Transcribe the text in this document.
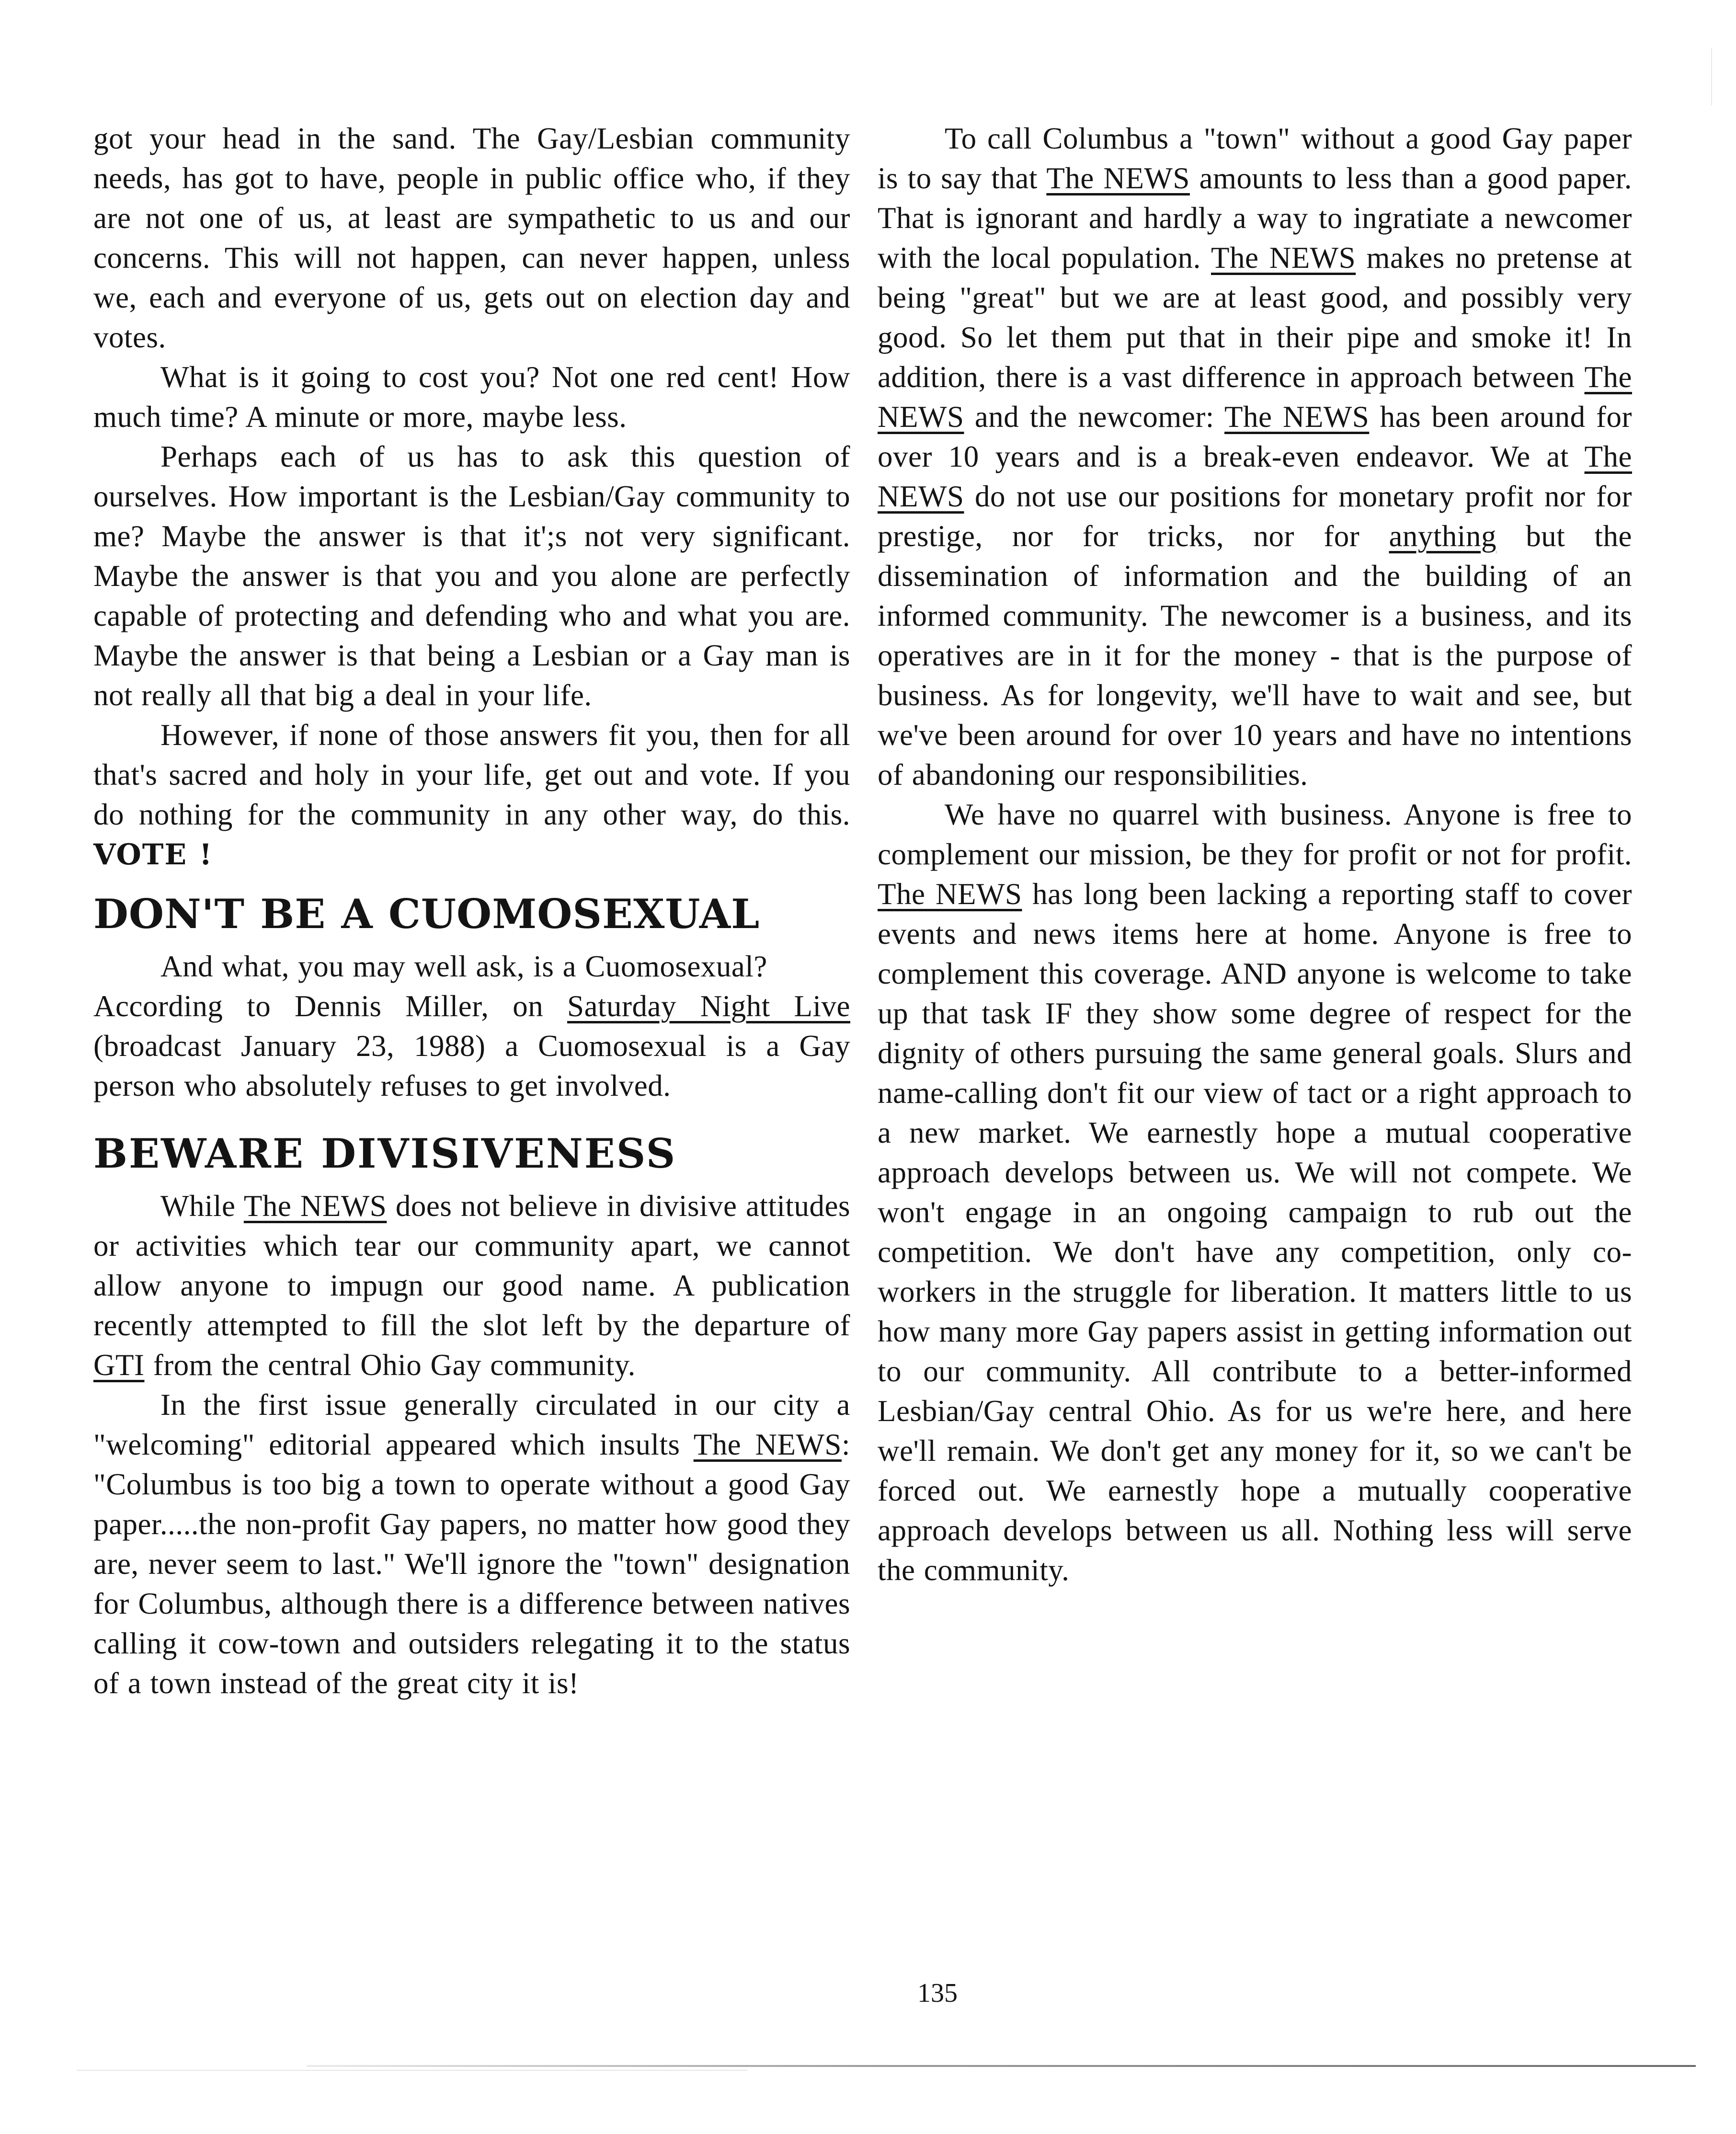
got your head in the sand. The Gay/Lesbian community needs, has got to have, people in public office who, if they are not one of us, at least are sympathetic to us and our concerns. This will not happen, can never happen, unless we, each and everyone of us, gets out on election day and votes.

What is it going to cost you? Not one red cent! How much time? A minute or more, maybe less.

Perhaps each of us has to ask this question of ourselves. How important is the Lesbian/Gay community to me? Maybe the answer is that it';s not very significant. Maybe the answer is that you and you alone are perfectly capable of protecting and defending who and what you are. Maybe the answer is that being a Lesbian or a Gay man is not really all that big a deal in your life.

However, if none of those answers fit you, then for all that's sacred and holy in your life, get out and vote. If you do nothing for the community in any other way, do this. VOTE !

DON'T BE A CUOMOSEXUAL

And what, you may well ask, is a Cuomosexual?

According to Dennis Miller, on Saturday Night Live (broadcast January 23, 1988) a Cuomosexual is a Gay person who absolutely refuses to get involved.

BEWARE DIVISIVENESS

While The NEWS does not believe in divisive attitudes or activities which tear our community apart, we cannot allow anyone to impugn our good name. A publication recently attempted to fill the slot left by the departure of GTI from the central Ohio Gay community.

In the first issue generally circulated in our city a "welcoming" editorial appeared which insults The NEWS: "Columbus is too big a town to operate without a good Gay paper.....the non-profit Gay papers, no matter how good they are, never seem to last." We'll ignore the "town" designation for Columbus, although there is a difference between natives calling it cow-town and outsiders relegating it to the status of a town instead of the great city it is!

To call Columbus a "town" without a good Gay paper is to say that The NEWS amounts to less than a good paper. That is ignorant and hardly a way to ingratiate a newcomer with the local population. The NEWS makes no pretense at being "great" but we are at least good, and possibly very good. So let them put that in their pipe and smoke it! In addition, there is a vast difference in approach between The NEWS and the newcomer: The NEWS has been around for over 10 years and is a break-even endeavor. We at The NEWS do not use our positions for monetary profit nor for prestige, nor for tricks, nor for anything but the dissemination of information and the building of an informed community. The newcomer is a business, and its operatives are in it for the money - that is the purpose of business. As for longevity, we'll have to wait and see, but we've been around for over 10 years and have no intentions of abandoning our responsibilities.

We have no quarrel with business. Anyone is free to complement our mission, be they for profit or not for profit. The NEWS has long been lacking a reporting staff to cover events and news items here at home. Anyone is free to complement this coverage. AND anyone is welcome to take up that task IF they show some degree of respect for the dignity of others pursuing the same general goals. Slurs and name-calling don't fit our view of tact or a right approach to a new market. We earnestly hope a mutual cooperative approach develops between us. We will not compete. We won't engage in an ongoing campaign to rub out the competition. We don't have any competition, only co-workers in the struggle for liberation. It matters little to us how many more Gay papers assist in getting information out to our community. All contribute to a better-informed Lesbian/Gay central Ohio. As for us we're here, and here we'll remain. We don't get any money for it, so we can't be forced out. We earnestly hope a mutually cooperative approach develops between us all. Nothing less will serve the community.

135
